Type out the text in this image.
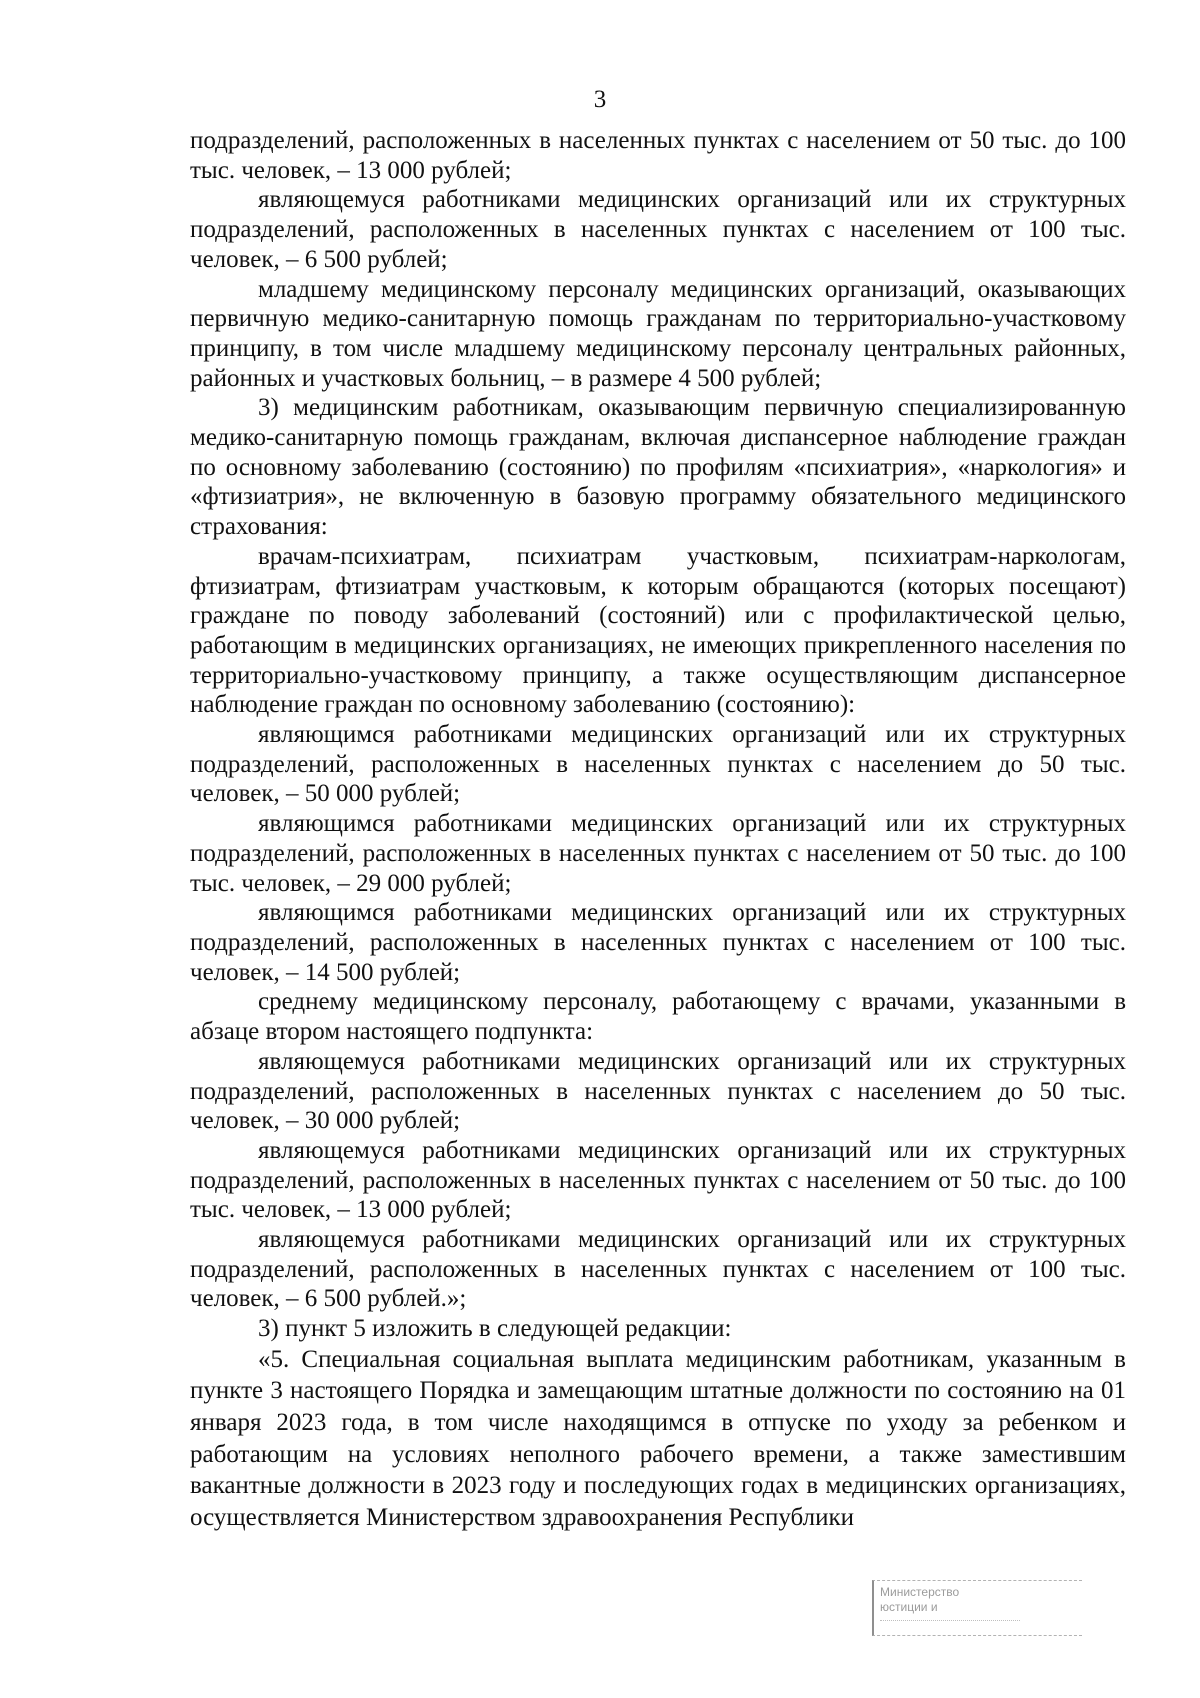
3

подразделений, расположенных в населенных пунктах с населением от 50 тыс. до 100 тыс. человек, – 13 000 рублей;

являющемуся работниками медицинских организаций или их структурных подразделений, расположенных в населенных пунктах с населением от 100 тыс. человек, – 6 500 рублей;

младшему медицинскому персоналу медицинских организаций, оказывающих первичную медико-санитарную помощь гражданам по территориально-участковому принципу, в том числе младшему медицинскому персоналу центральных районных, районных и участковых больниц, – в размере 4 500 рублей;

3) медицинским работникам, оказывающим первичную специализированную медико-санитарную помощь гражданам, включая диспансерное наблюдение граждан по основному заболеванию (состоянию) по профилям «психиатрия», «наркология» и «фтизиатрия», не включенную в базовую программу обязательного медицинского страхования:

врачам-психиатрам, психиатрам участковым, психиатрам-наркологам, фтизиатрам, фтизиатрам участковым, к которым обращаются (которых посещают) граждане по поводу заболеваний (состояний) или с профилактической целью, работающим в медицинских организациях, не имеющих прикрепленного населения по территориально-участковому принципу, а также осуществляющим диспансерное наблюдение граждан по основному заболеванию (состоянию):

являющимся работниками медицинских организаций или их структурных подразделений, расположенных в населенных пунктах с населением до 50 тыс. человек, – 50 000 рублей;

являющимся работниками медицинских организаций или их структурных подразделений, расположенных в населенных пунктах с населением от 50 тыс. до 100 тыс. человек, – 29 000 рублей;

являющимся работниками медицинских организаций или их структурных подразделений, расположенных в населенных пунктах с населением от 100 тыс. человек, – 14 500 рублей;

среднему медицинскому персоналу, работающему с врачами, указанными в абзаце втором настоящего подпункта:

являющемуся работниками медицинских организаций или их структурных подразделений, расположенных в населенных пунктах с населением до 50 тыс. человек, – 30 000 рублей;

являющемуся работниками медицинских организаций или их структурных подразделений, расположенных в населенных пунктах с населением от 50 тыс. до 100 тыс. человек, – 13 000 рублей;

являющемуся работниками медицинских организаций или их структурных подразделений, расположенных в населенных пунктах с населением от 100 тыс. человек, – 6 500 рублей.»;

3) пункт 5 изложить в следующей редакции:

«5. Специальная социальная выплата медицинским работникам, указанным в пункте 3 настоящего Порядка и замещающим штатные должности по состоянию на 01 января 2023 года, в том числе находящимся в отпуске по уходу за ребенком и работающим на условиях неполного рабочего времени, а также заместившим вакантные должности в 2023 году и последующих годах в медицинских организациях, осуществляется Министерством здравоохранения Республики

Министерство
юстиции и
